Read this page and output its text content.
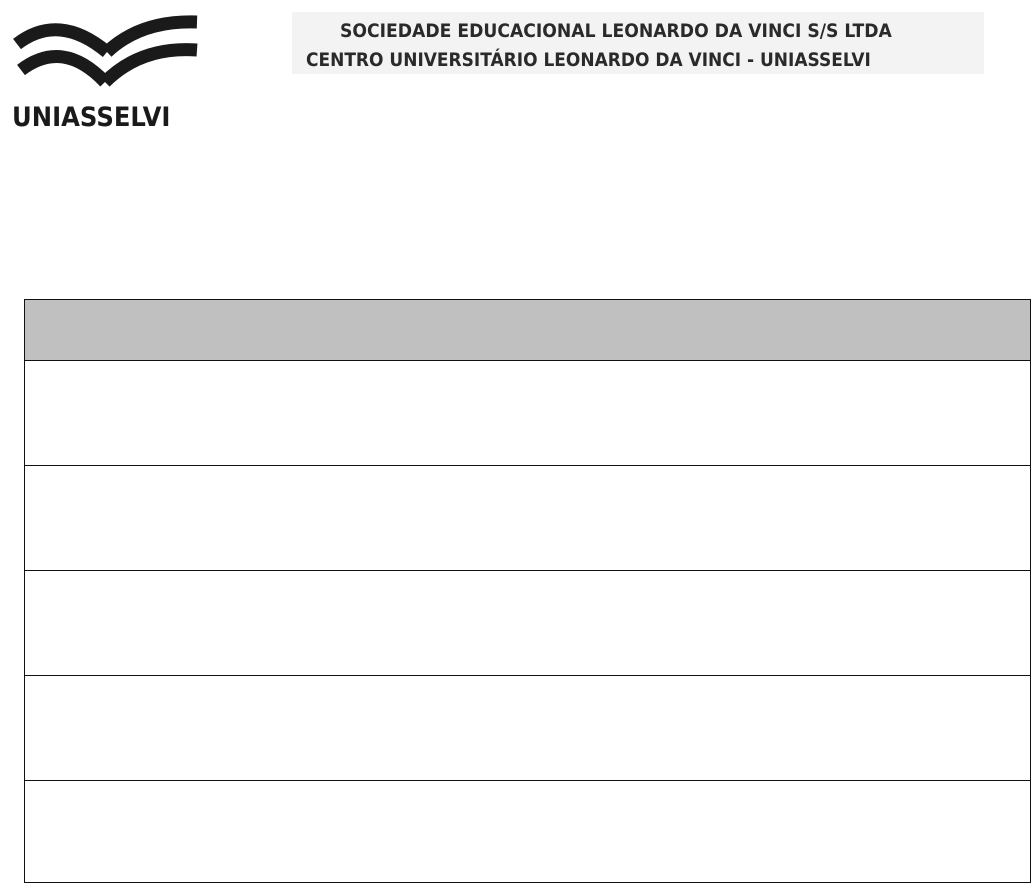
UNIASSELVI
SOCIEDADE EDUCACIONAL LEONARDO DA VINCI S/S LTDA
CENTRO UNIVERSITÁRIO LEONARDO DA VINCI - UNIASSELVI
